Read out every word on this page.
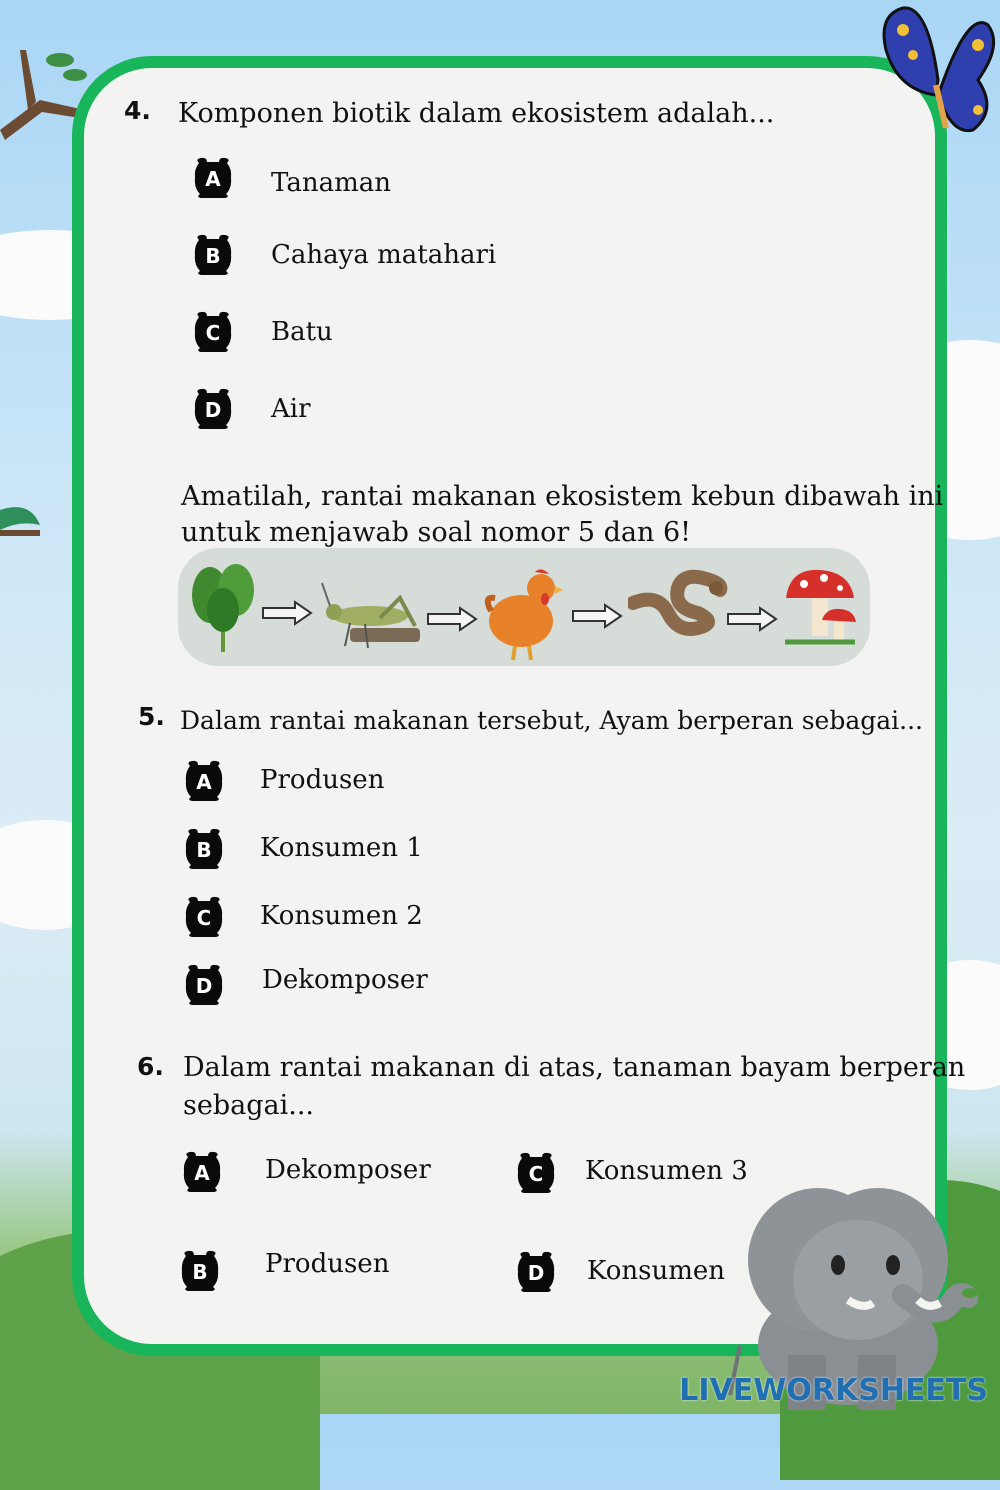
4. Komponen biotik dalam ekosistem adalah...
A Tanaman
B Cahaya matahari
C Batu
D Air
Amatilah, rantai makanan ekosistem kebun dibawah ini
untuk menjawab soal nomor 5 dan 6!
5. Dalam rantai makanan tersebut, Ayam berperan sebagai...
A Produsen
B Konsumen 1
C Konsumen 2
D Dekomposer
6. Dalam rantai makanan di atas, tanaman bayam berperan
sebagai...
A Dekomposer
B Produsen
C Konsumen 3
D Konsumen
LIVEWORKSHEETS
